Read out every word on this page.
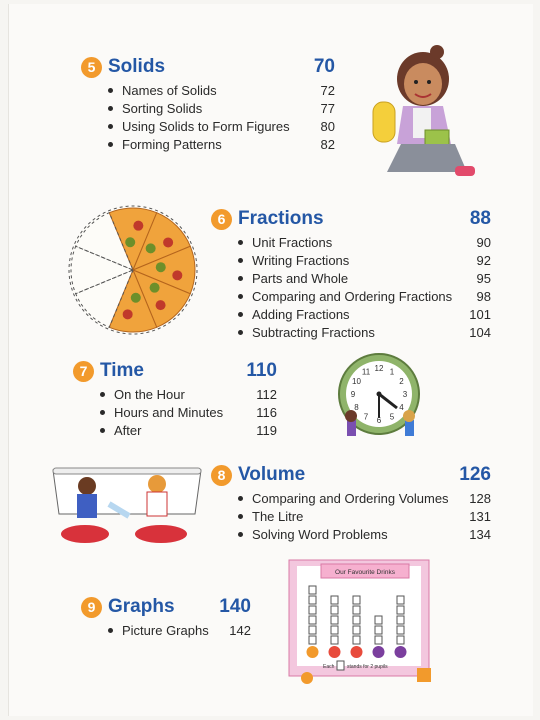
5 Solids	70
Names of Solids	72
Sorting Solids	77
Using Solids to Form Figures 80
Forming Patterns	82
6 Fractions	88
Unit Fractions	90
Writing Fractions	92
Parts and Whole	95
Comparing and Ordering Fractions 98
Adding Fractions	101
Subtracting Fractions	104
7 Time	110
On the Hour	112
Hours and Minutes	116
After	119
12 1
2
3
4
5
6
7
8
9
10
11
8 Volume	126
Comparing and Ordering Volumes 128
The Litre	131
Solving Word Problems	134
9 Graphs 140
Picture Graphs 142
Our Favourite Drinks
Each	stands for 2 pupils
